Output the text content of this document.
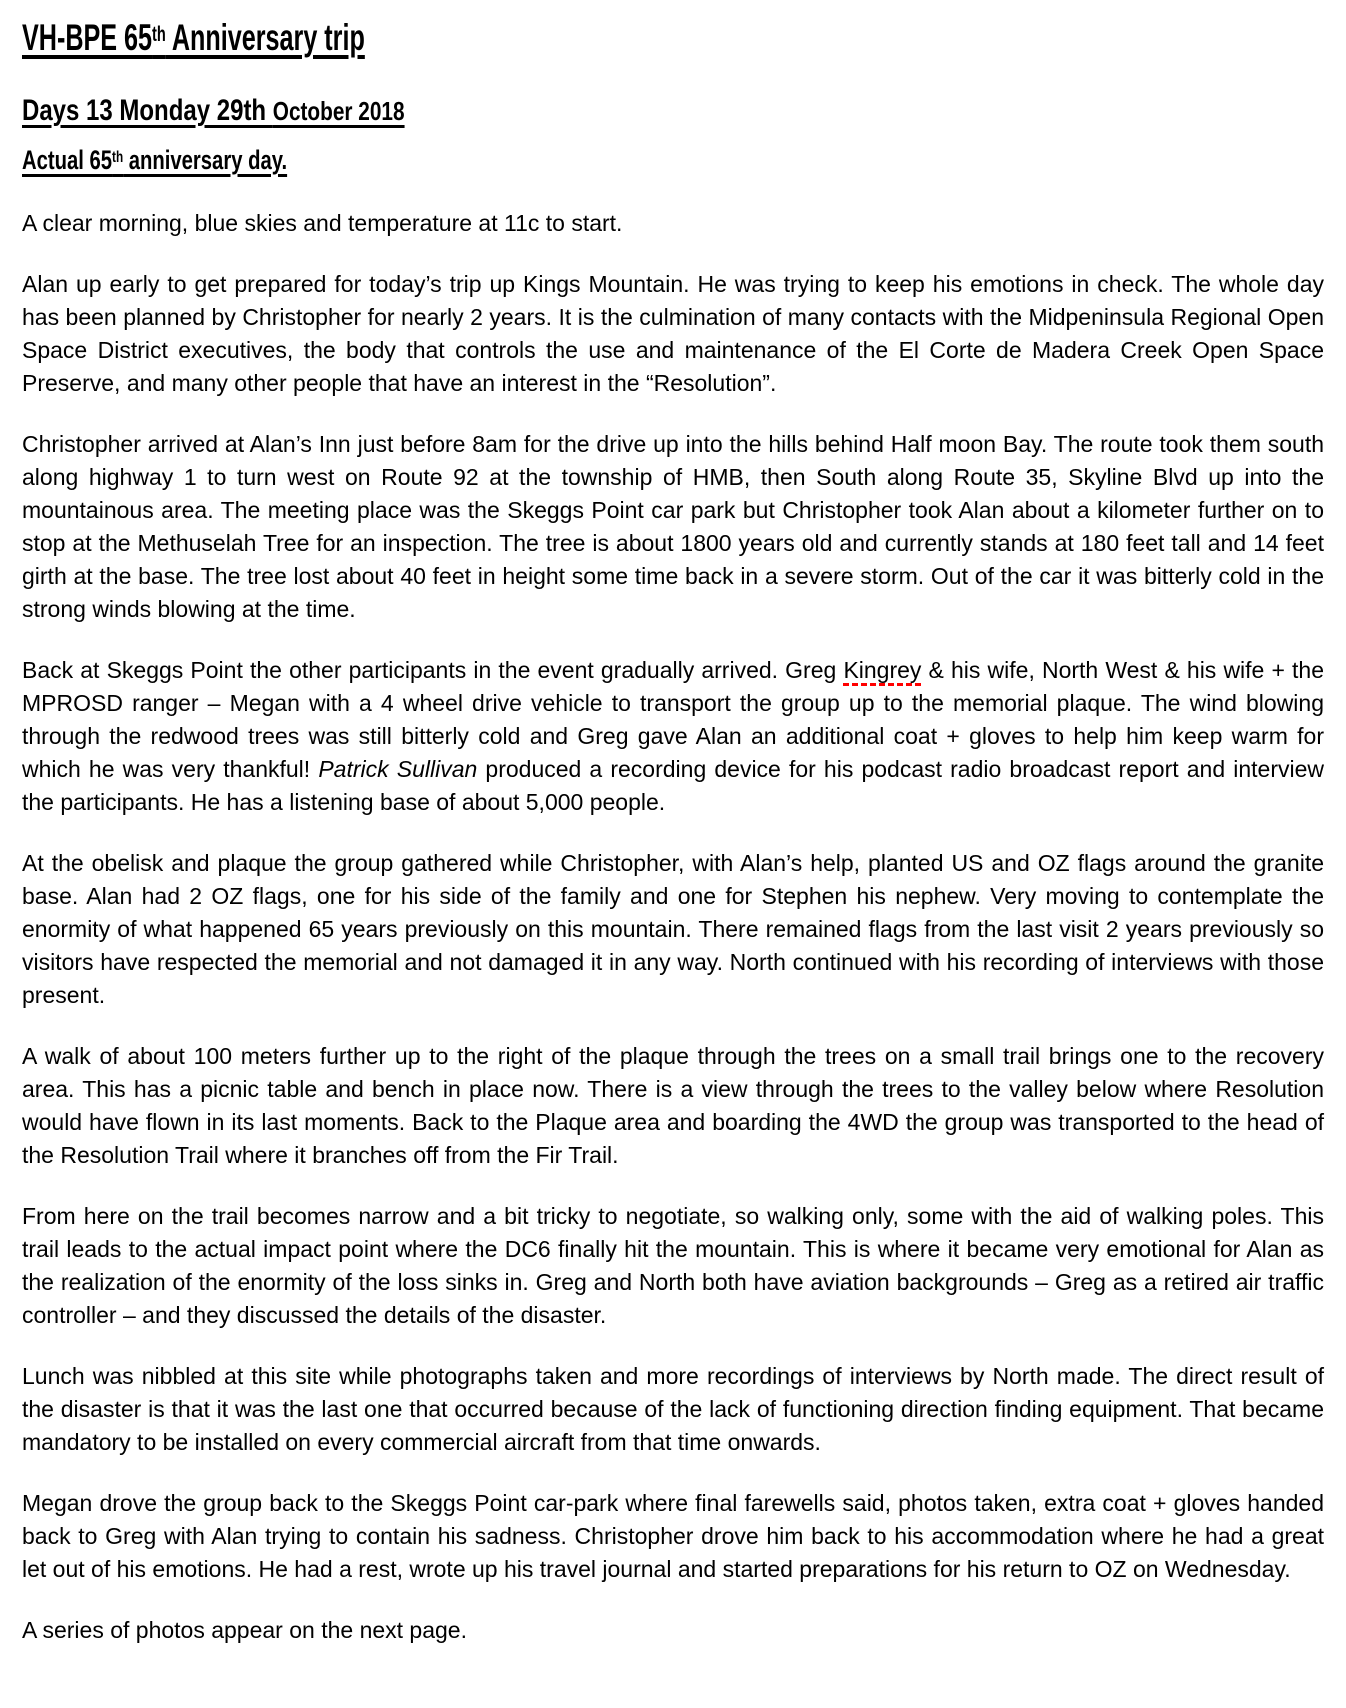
VH-BPE 65th Anniversary trip
Days 13 Monday 29th October 2018
Actual 65th anniversary day.

A clear morning, blue skies and temperature at 11c to start.

Alan up early to get prepared for today’s trip up Kings Mountain. He was trying to keep his emotions in check. The whole day has been planned by Christopher for nearly 2 years. It is the culmination of many contacts with the Midpeninsula Regional Open Space District executives, the body that controls the use and maintenance of the El Corte de Madera Creek Open Space Preserve, and many other people that have an interest in the “Resolution”.

Christopher arrived at Alan’s Inn just before 8am for the drive up into the hills behind Half moon Bay. The route took them south along highway 1 to turn west on Route 92 at the township of HMB, then South along Route 35, Skyline Blvd up into the mountainous area. The meeting place was the Skeggs Point car park but Christopher took Alan about a kilometer further on to stop at the Methuselah Tree for an inspection. The tree is about 1800 years old and currently stands at 180 feet tall and 14 feet girth at the base. The tree lost about 40 feet in height some time back in a severe storm. Out of the car it was bitterly cold in the strong winds blowing at the time.

Back at Skeggs Point the other participants in the event gradually arrived. Greg Kingrey & his wife, North West & his wife + the MPROSD ranger – Megan with a 4 wheel drive vehicle to transport the group up to the memorial plaque. The wind blowing through the redwood trees was still bitterly cold and Greg gave Alan an additional coat + gloves to help him keep warm for which he was very thankful! Patrick Sullivan produced a recording device for his podcast radio broadcast report and interview the participants. He has a listening base of about 5,000 people.

At the obelisk and plaque the group gathered while Christopher, with Alan’s help, planted US and OZ flags around the granite base. Alan had 2 OZ flags, one for his side of the family and one for Stephen his nephew. Very moving to contemplate the enormity of what happened 65 years previously on this mountain. There remained flags from the last visit 2 years previously so visitors have respected the memorial and not damaged it in any way. North continued with his recording of interviews with those present.

A walk of about 100 meters further up to the right of the plaque through the trees on a small trail brings one to the recovery area. This has a picnic table and bench in place now. There is a view through the trees to the valley below where Resolution would have flown in its last moments. Back to the Plaque area and boarding the 4WD the group was transported to the head of the Resolution Trail where it branches off from the Fir Trail.

From here on the trail becomes narrow and a bit tricky to negotiate, so walking only, some with the aid of walking poles. This trail leads to the actual impact point where the DC6 finally hit the mountain. This is where it became very emotional for Alan as the realization of the enormity of the loss sinks in. Greg and North both have aviation backgrounds – Greg as a retired air traffic controller – and they discussed the details of the disaster.

Lunch was nibbled at this site while photographs taken and more recordings of interviews by North made. The direct result of the disaster is that it was the last one that occurred because of the lack of functioning direction finding equipment. That became mandatory to be installed on every commercial aircraft from that time onwards.

Megan drove the group back to the Skeggs Point car-park where final farewells said, photos taken, extra coat + gloves handed back to Greg with Alan trying to contain his sadness. Christopher drove him back to his accommodation where he had a great let out of his emotions. He had a rest, wrote up his travel journal and started preparations for his return to OZ on Wednesday.

A series of photos appear on the next page.
